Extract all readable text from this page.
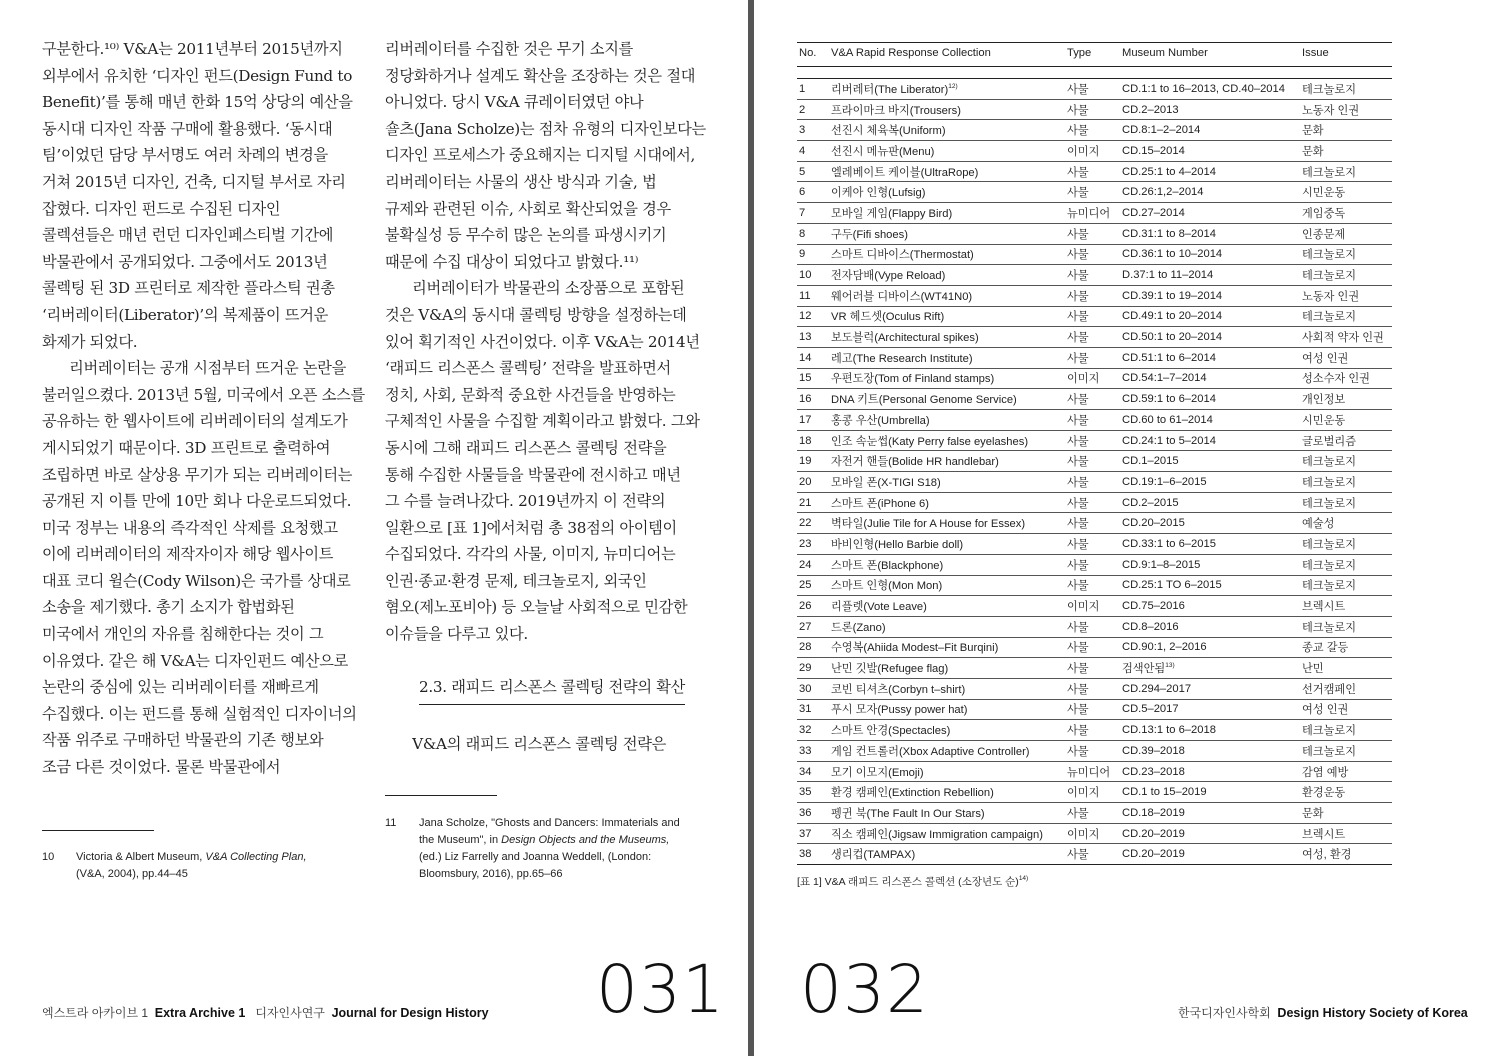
구분한다.¹⁰⁾ V&A는 2011년부터 2015년까지

외부에서 유치한 ‘디자인 펀드(Design Fund to

Benefit)’를 통해 매년 한화 15억 상당의 예산을

동시대 디자인 작품 구매에 활용했다. ‘동시대

팀’이었던 담당 부서명도 여러 차례의 변경을

거쳐 2015년 디자인, 건축, 디지털 부서로 자리

잡혔다. 디자인 펀드로 수집된 디자인

콜렉션들은 매년 런던 디자인페스티벌 기간에

박물관에서 공개되었다. 그중에서도 2013년

콜렉팅 된 3D 프린터로 제작한 플라스틱 권총

‘리버레이터(Liberator)’의 복제품이 뜨거운

화제가 되었다.

리버레이터는 공개 시점부터 뜨거운 논란을

불러일으켰다. 2013년 5월, 미국에서 오픈 소스를

공유하는 한 웹사이트에 리버레이터의 설계도가

게시되었기 때문이다. 3D 프린트로 출력하여

조립하면 바로 살상용 무기가 되는 리버레이터는

공개된 지 이틀 만에 10만 회나 다운로드되었다.

미국 정부는 내용의 즉각적인 삭제를 요청했고

이에 리버레이터의 제작자이자 해당 웹사이트

대표 코디 윌슨(Cody Wilson)은 국가를 상대로

소송을 제기했다. 총기 소지가 합법화된

미국에서 개인의 자유를 침해한다는 것이 그

이유였다. 같은 해 V&A는 디자인펀드 예산으로

논란의 중심에 있는 리버레이터를 재빠르게

수집했다. 이는 펀드를 통해 실험적인 디자이너의

작품 위주로 구매하던 박물관의 기존 행보와

조금 다른 것이었다. 물론 박물관에서

리버레이터를 수집한 것은 무기 소지를

정당화하거나 설계도 확산을 조장하는 것은 절대

아니었다. 당시 V&A 큐레이터였던 야나

숄츠(Jana Scholze)는 점차 유형의 디자인보다는

디자인 프로세스가 중요해지는 디지털 시대에서,

리버레이터는 사물의 생산 방식과 기술, 법

규제와 관련된 이슈, 사회로 확산되었을 경우

불확실성 등 무수히 많은 논의를 파생시키기

때문에 수집 대상이 되었다고 밝혔다.¹¹⁾

리버레이터가 박물관의 소장품으로 포함된

것은 V&A의 동시대 콜렉팅 방향을 설정하는데

있어 획기적인 사건이었다. 이후 V&A는 2014년

‘래피드 리스폰스 콜렉팅’ 전략을 발표하면서

정치, 사회, 문화적 중요한 사건들을 반영하는

구체적인 사물을 수집할 계획이라고 밝혔다. 그와

동시에 그해 래피드 리스폰스 콜렉팅 전략을

통해 수집한 사물들을 박물관에 전시하고 매년

그 수를 늘려나갔다. 2019년까지 이 전략의

일환으로 [표 1]에서처럼 총 38점의 아이템이

수집되었다. 각각의 사물, 이미지, 뉴미디어는

인권·종교·환경 문제, 테크놀로지, 외국인

혐오(제노포비아) 등 오늘날 사회적으로 민감한

이슈들을 다루고 있다.

2.3. 래피드 리스폰스 콜렉팅 전략의 확산

V&A의 래피드 리스폰스 콜렉팅 전략은

10	Victoria & Albert Museum, V&A Collecting Plan,
(V&A, 2004), pp.44–45
11	Jana Scholze, "Ghosts and Dancers: Immaterials and
the Museum", in Design Objects and the Museums,
(ed.) Liz Farrelly and Joanna Weddell, (London:
Bloomsbury, 2016), pp.65–66
031
엑스트라 아카이브 1 Extra Archive 1 디자인사연구 Journal for Design History
No.	V&A Rapid Response Collection	Type	Museum Number	Issue

1	리버레터(The Liberator)$^{12)}$	사물	CD.1:1 to 16–2013, CD.40–2014	테크놀로지
2	프라이마크 바지(Trousers)	사물	CD.2–2013	노동자 인권
3	선진시 체육복(Uniform)	사물	CD.8:1–2–2014	문화
4	선진시 메뉴판(Menu)	이미지	CD.15–2014	문화
5	엘레베이트 케이블(UltraRope)	사물	CD.25:1 to 4–2014	테크놀로지
6	이케아 인형(Lufsig)	사물	CD.26:1,2–2014	시민운동
7	모바일 게임(Flappy Bird)	뉴미디어	CD.27–2014	게임중독
8	구두(Fifi shoes)	사물	CD.31:1 to 8–2014	인종문제
9	스마트 디바이스(Thermostat)	사물	CD.36:1 to 10–2014	테크놀로지
10	전자담배(Vype Reload)	사물	D.37:1 to 11–2014	테크놀로지
11	웨어러블 디바이스(WT41N0)	사물	CD.39:1 to 19–2014	노동자 인권
12	VR 헤드셋(Oculus Rift)	사물	CD.49:1 to 20–2014	테크놀로지
13	보도블럭(Architectural spikes)	사물	CD.50:1 to 20–2014	사회적 약자 인권
14	레고(The Research Institute)	사물	CD.51:1 to 6–2014	여성 인권
15	우편도장(Tom of Finland stamps)	이미지	CD.54:1–7–2014	성소수자 인권
16	DNA 키트(Personal Genome Service)	사물	CD.59:1 to 6–2014	개인정보
17	홍콩 우산(Umbrella)	사물	CD.60 to 61–2014	시민운동
18	인조 속눈썹(Katy Perry false eyelashes)	사물	CD.24:1 to 5–2014	글로벌리즘
19	자전거 핸들(Bolide HR handlebar)	사물	CD.1–2015	테크놀로지
20	모바일 폰(X-TIGI S18)	사물	CD.19:1–6–2015	테크놀로지
21	스마트 폰(iPhone 6)	사물	CD.2–2015	테크놀로지
22	벽타일(Julie Tile for A House for Essex)	사물	CD.20–2015	예술성
23	바비인형(Hello Barbie doll)	사물	CD.33:1 to 6–2015	테크놀로지
24	스마트 폰(Blackphone)	사물	CD.9:1–8–2015	테크놀로지
25	스마트 인형(Mon Mon)	사물	CD.25:1 TO 6–2015	테크놀로지
26	리플렛(Vote Leave)	이미지	CD.75–2016	브렉시트
27	드론(Zano)	사물	CD.8–2016	테크놀로지
28	수영복(Ahiida Modest–Fit Burqini)	사물	CD.90:1, 2–2016	종교 갈등
29	난민 깃발(Refugee flag)	사물	검색안됨$^{13)}$	난민
30	코빈 티셔츠(Corbyn t–shirt)	사물	CD.294–2017	선거캠페인
31	푸시 모자(Pussy power hat)	사물	CD.5–2017	여성 인권
32	스마트 안경(Spectacles)	사물	CD.13:1 to 6–2018	테크놀로지
33	게임 컨트롤러(Xbox Adaptive Controller)	사물	CD.39–2018	테크놀로지
34	모기 이모지(Emoji)	뉴미디어	CD.23–2018	감염 예방
35	환경 캠페인(Extinction Rebellion)	이미지	CD.1 to 15–2019	환경운동
36	펭귄 북(The Fault In Our Stars)	사물	CD.18–2019	문화
37	직소 캠페인(Jigsaw Immigration campaign)	이미지	CD.20–2019	브렉시트
38	생리컵(TAMPAX)	사물	CD.20–2019	여성, 환경
[표 1] V&A 래피드 리스폰스 콜렉션 (소장년도 순)$^{14)}$
032	한국디자인사학회 Design History Society of Korea
